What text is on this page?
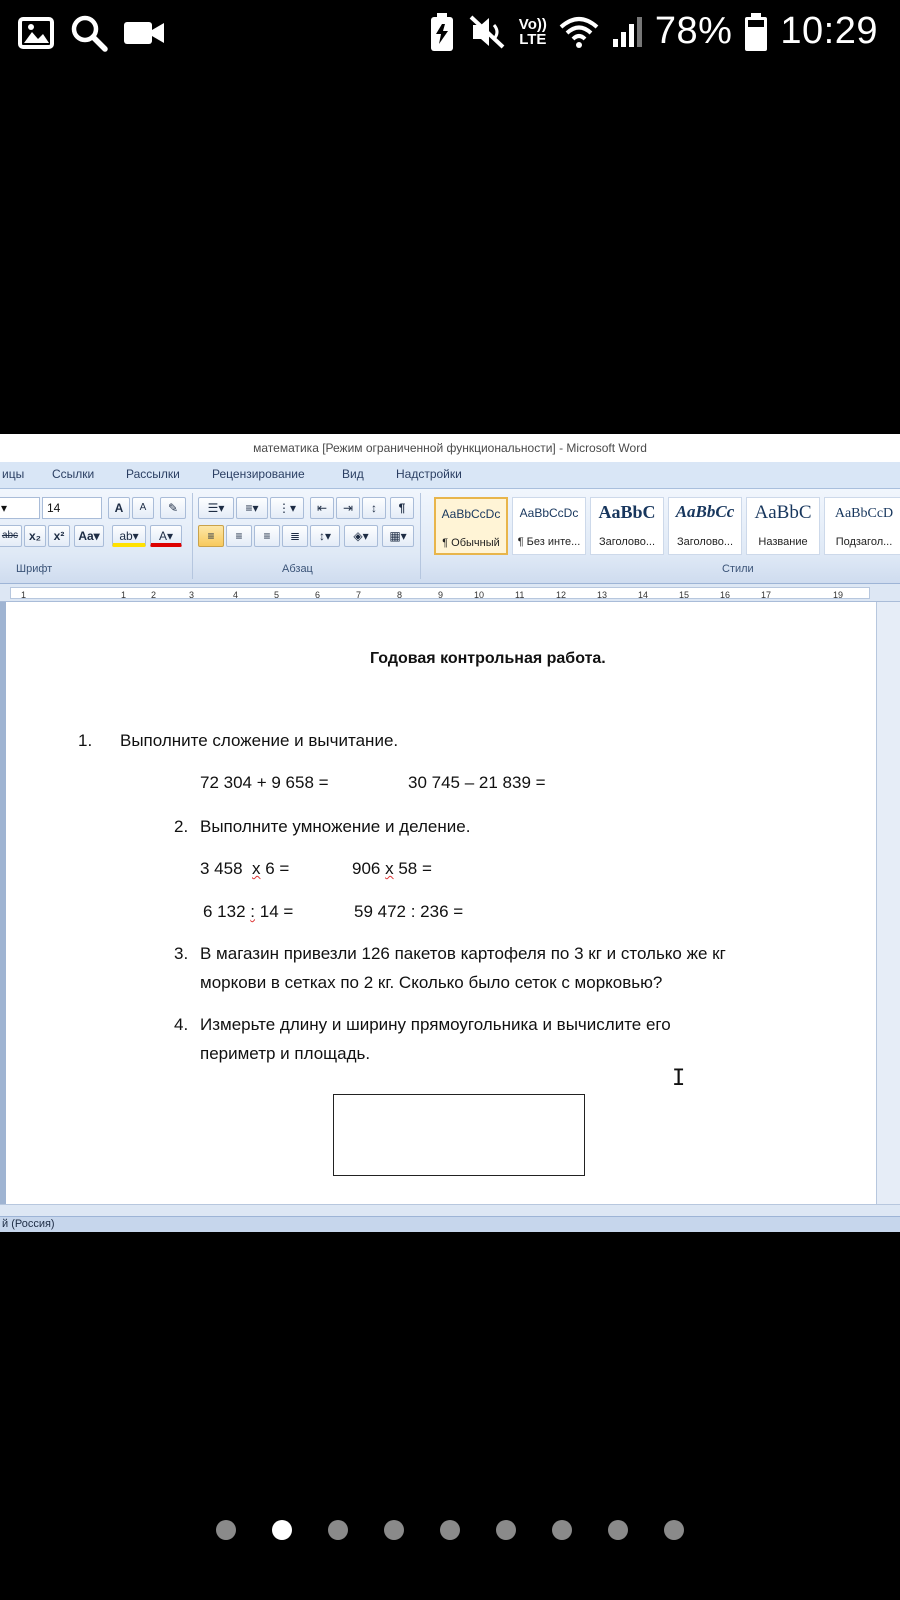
Vo))
LTE	78% 10:29
математика [Режим ограниченной функциональности] - Microsoft Word
ицы Ссылки	Рассылки	Рецензирование	Вид	Надстройки
▾	14	A	A	✎
abc x₂	x²	Aa▾	ab▾	A▾
Шрифт
☰▾	≡▾	⋮▾	⇤	⇥	↕	¶
≡	≡	≡	≣	↕▾	◈▾	▦▾
Абзац
AaBbCcDc
¶ Обычный
AaBbCcDc
¶ Без инте...
AaBbC
Заголово...
AaBbCc
Заголово...
AaBbC
Название
AaBbCcD
Подзагол...
Стили
1	1	2	3	4	5	6	7	8	9	10	11	12	13	14	15	16	17	19
Годовая контрольная работа.
1. Выполните сложение и вычитание.
72 304 + 9 658 =	30 745 – 21 839 =
2. Выполните умножение и деление.
3 458 х 6 =	906 х 58 =
6 132 : 14 =	59 472 : 236 =
3. В магазин привезли 126 пакетов картофеля по 3 кг и столько же кг
моркови в сетках по 2 кг. Сколько было сеток с морковью?
4. Измерьте длину и ширину прямоугольника и вычислите его
периметр и площадь.
I
й (Россия)
